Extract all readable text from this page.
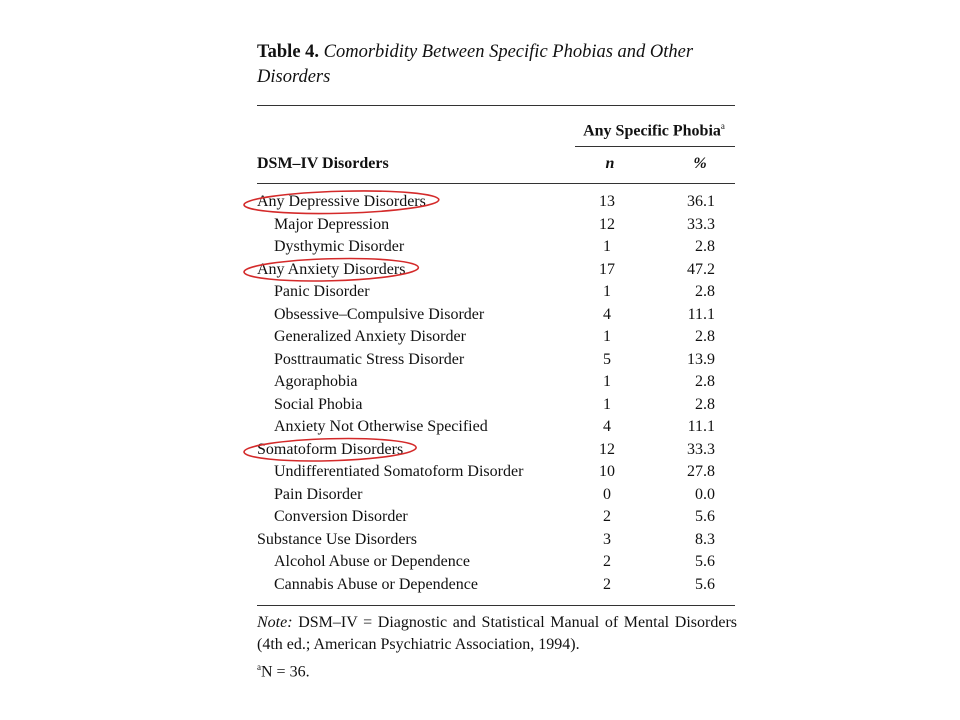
Table 4. Comorbidity Between Specific Phobias and Other
Disorders
Any Specific Phobia$^a$
DSM–IV Disorders	n	%
Any Depressive Disorders	13	36.1
Major Depression	12	33.3
Dysthymic Disorder	1	2.8
Any Anxiety Disorders	17	47.2
Panic Disorder	1	2.8
Obsessive–Compulsive Disorder	4	11.1
Generalized Anxiety Disorder	1	2.8
Posttraumatic Stress Disorder	5	13.9
Agoraphobia	1	2.8
Social Phobia	1	2.8
Anxiety Not Otherwise Specified	4	11.1
Somatoform Disorders	12	33.3
Undifferentiated Somatoform Disorder	10	27.8
Pain Disorder	0	0.0
Conversion Disorder	2	5.6
Substance Use Disorders	3	8.3
Alcohol Abuse or Dependence	2	5.6
Cannabis Abuse or Dependence	2	5.6
Note: DSM–IV = Diagnostic and Statistical Manual of Mental Disorders (4th ed.; American Psychiatric Association, 1994).
$^a$N = 36.
